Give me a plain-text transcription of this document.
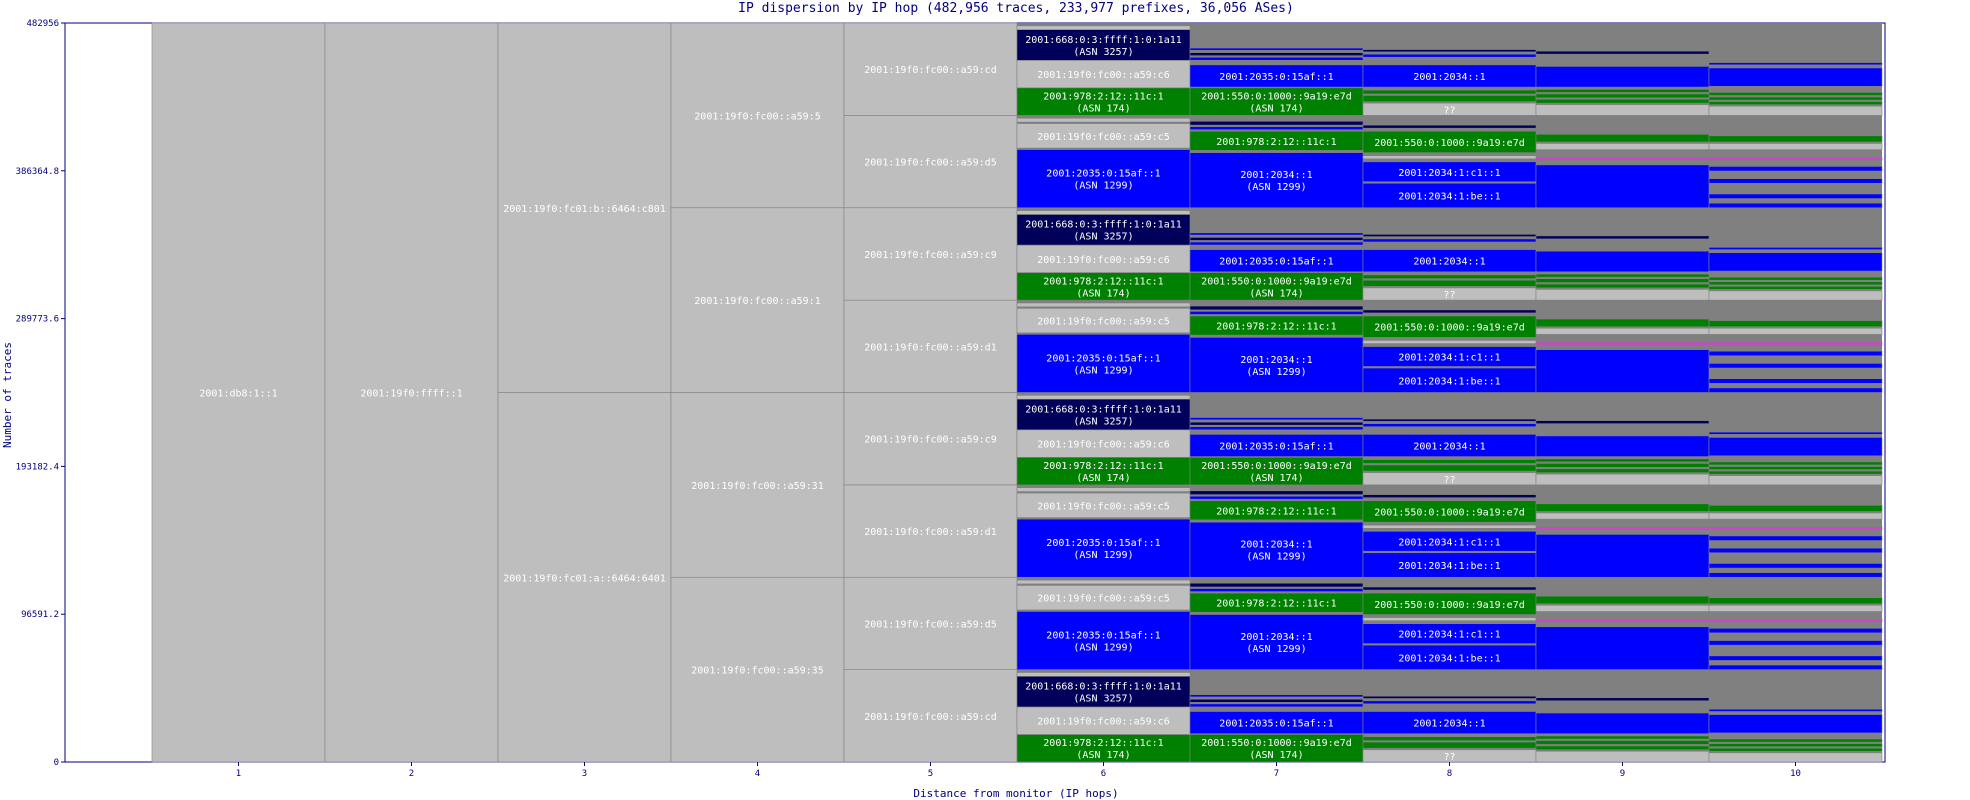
IP dispersion by IP hop (482,956 traces, 233,977 prefixes, 36,056 ASes)
2001:db8:1::1	2001:19f0:ffff::1
2001:19f0:fc01:a::6464:6401
2001:19f0:fc01:b::6464:c801
2001:19f0:fc00::a59:35
2001:19f0:fc00::a59:31
2001:19f0:fc00::a59:1
2001:19f0:fc00::a59:5
2001:19f0:fc00::a59:cd
2001:19f0:fc00::a59:d5
2001:19f0:fc00::a59:d1
2001:19f0:fc00::a59:c9
2001:19f0:fc00::a59:d1
2001:19f0:fc00::a59:c9
2001:19f0:fc00::a59:d5
2001:19f0:fc00::a59:cd
2001:978:2:12::11c:1
(ASN 174)
2001:19f0:fc00::a59:c6
2001:668:0:3:ffff:1:0:1a11
(ASN 3257)
2001:550:0:1000::9a19:e7d
(ASN 174)
2001:2035:0:15af::1
??
2001:2034::1
2001:2035:0:15af::1
(ASN 1299)
2001:19f0:fc00::a59:c5
2001:2034::1
(ASN 1299)
2001:978:2:12::11c:1
2001:2034:1:be::1
2001:2034:1:c1::1
2001:550:0:1000::9a19:e7d
2001:2035:0:15af::1
(ASN 1299)
2001:19f0:fc00::a59:c5
2001:2034::1
(ASN 1299)
2001:978:2:12::11c:1
2001:2034:1:be::1
2001:2034:1:c1::1
2001:550:0:1000::9a19:e7d
2001:978:2:12::11c:1
(ASN 174)
2001:19f0:fc00::a59:c6
2001:668:0:3:ffff:1:0:1a11
(ASN 3257)
2001:550:0:1000::9a19:e7d
(ASN 174)
2001:2035:0:15af::1
??
2001:2034::1
2001:2035:0:15af::1
(ASN 1299)
2001:19f0:fc00::a59:c5
2001:2034::1
(ASN 1299)
2001:978:2:12::11c:1
2001:2034:1:be::1
2001:2034:1:c1::1
2001:550:0:1000::9a19:e7d
2001:978:2:12::11c:1
(ASN 174)
2001:19f0:fc00::a59:c6
2001:668:0:3:ffff:1:0:1a11
(ASN 3257)
2001:550:0:1000::9a19:e7d
(ASN 174)
2001:2035:0:15af::1
??
2001:2034::1
2001:2035:0:15af::1
(ASN 1299)
2001:19f0:fc00::a59:c5
2001:2034::1
(ASN 1299)
2001:978:2:12::11c:1
2001:2034:1:be::1
2001:2034:1:c1::1
2001:550:0:1000::9a19:e7d
2001:978:2:12::11c:1
(ASN 174)
2001:19f0:fc00::a59:c6
2001:668:0:3:ffff:1:0:1a11
(ASN 3257)
2001:550:0:1000::9a19:e7d
(ASN 174)
2001:2035:0:15af::1
??
2001:2034::1
0
96591.2
193182.4
289773.6
386364.8
482956
1	2	3	4	5	6	7	8	9	10
Distance from monitor (IP hops)
Number of traces
